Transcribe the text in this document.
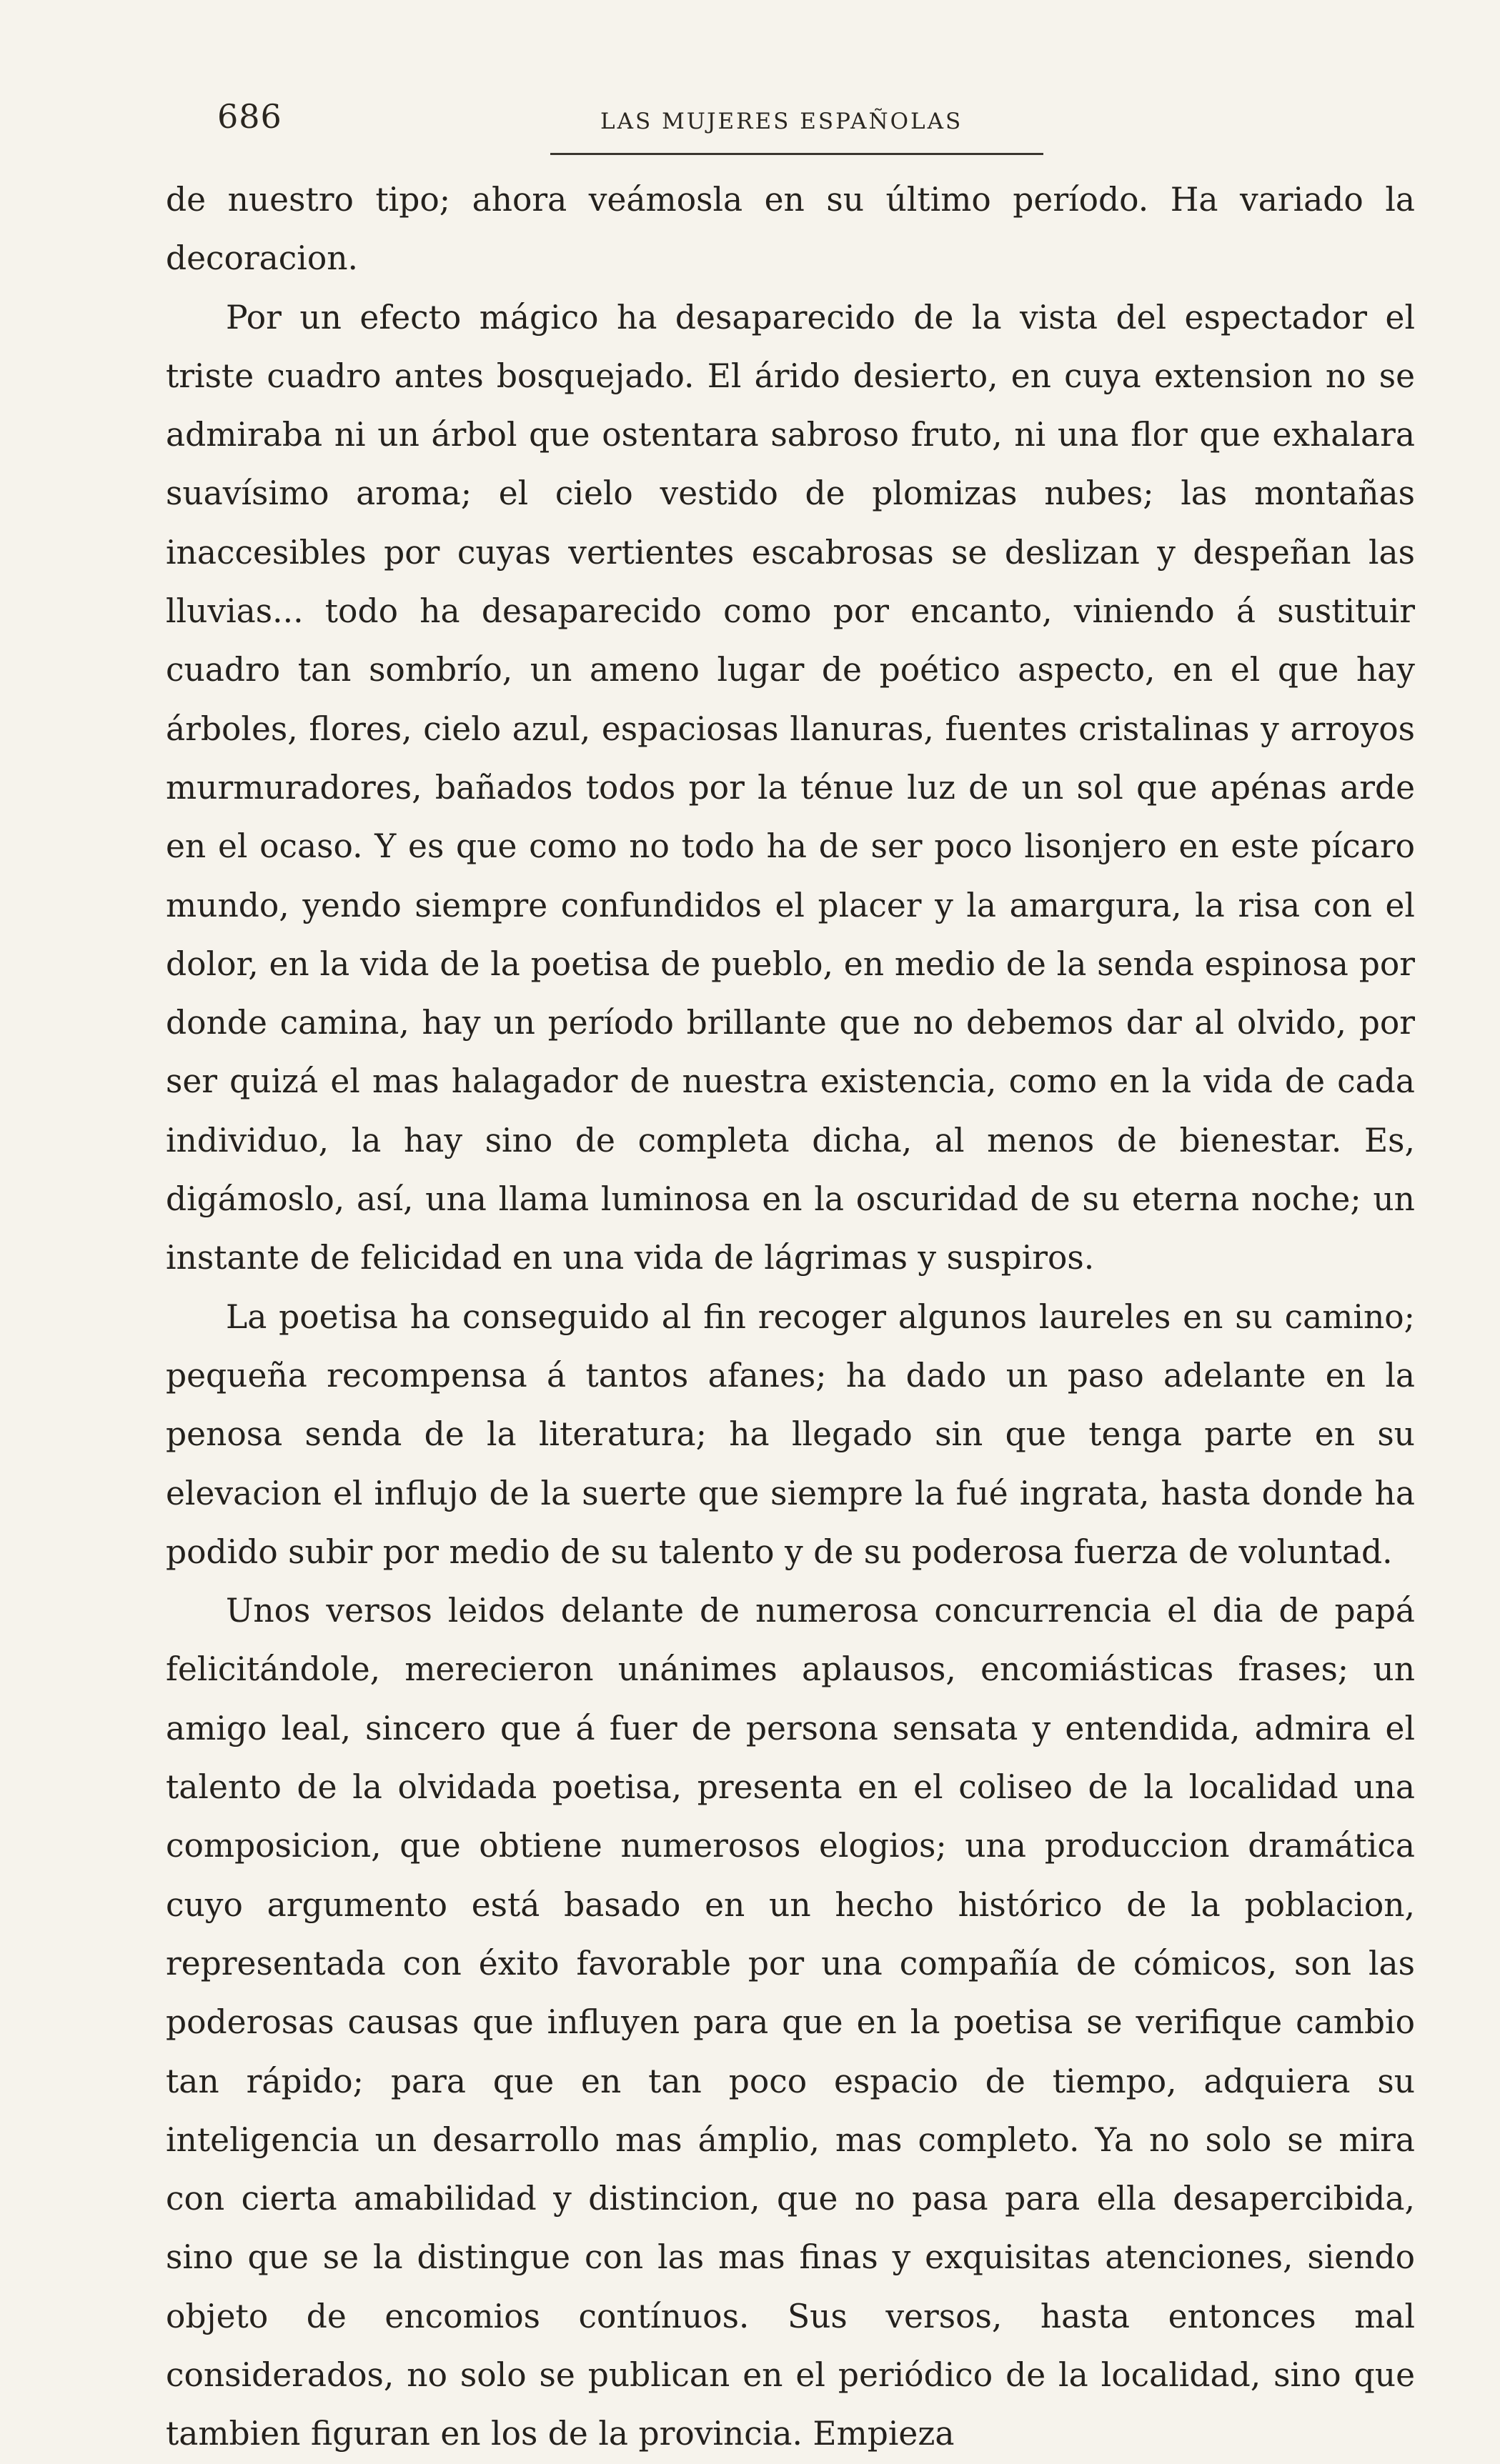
686	LAS MUJERES ESPAÑOLAS

de nuestro tipo; ahora veámosla en su último período. Ha variado la decoracion.

Por un efecto mágico ha desaparecido de la vista del espectador el triste cuadro antes bosquejado. El árido desierto, en cuya extension no se admiraba ni un árbol que ostentara sabroso fruto, ni una flor que exhalara suavísimo aroma; el cielo vestido de plomizas nubes; las montañas inaccesibles por cuyas vertientes escabrosas se deslizan y despeñan las lluvias... todo ha desaparecido como por encanto, viniendo á sustituir cuadro tan sombrío, un ameno lugar de poético aspecto, en el que hay árboles, flores, cielo azul, espaciosas llanuras, fuentes cristalinas y arroyos murmuradores, bañados todos por la ténue luz de un sol que apénas arde en el ocaso. Y es que como no todo ha de ser poco lisonjero en este pícaro mundo, yendo siempre confundidos el placer y la amargura, la risa con el dolor, en la vida de la poetisa de pueblo, en medio de la senda espinosa por donde camina, hay un período brillante que no debemos dar al olvido, por ser quizá el mas halagador de nuestra existencia, como en la vida de cada individuo, la hay sino de completa dicha, al menos de bienestar. Es, digámoslo, así, una llama luminosa en la oscuridad de su eterna noche; un instante de felicidad en una vida de lágrimas y suspiros.

La poetisa ha conseguido al fin recoger algunos laureles en su camino; pequeña recompensa á tantos afanes; ha dado un paso adelante en la penosa senda de la literatura; ha llegado sin que tenga parte en su elevacion el influjo de la suerte que siempre la fué ingrata, hasta donde ha podido subir por medio de su talento y de su poderosa fuerza de voluntad.

Unos versos leidos delante de numerosa concurrencia el dia de papá felicitándole, merecieron unánimes aplausos, encomiásticas frases; un amigo leal, sincero que á fuer de persona sensata y entendida, admira el talento de la olvidada poetisa, presenta en el coliseo de la localidad una composicion, que obtiene numerosos elogios; una produccion dramática cuyo argumento está basado en un hecho histórico de la poblacion, representada con éxito favorable por una compañía de cómicos, son las poderosas causas que influyen para que en la poetisa se verifique cambio tan rápido; para que en tan poco espacio de tiempo, adquiera su inteligencia un desarrollo mas ámplio, mas completo. Ya no solo se mira con cierta amabilidad y distincion, que no pasa para ella desapercibida, sino que se la distingue con las mas finas y exquisitas atenciones, siendo objeto de encomios contínuos. Sus versos, hasta entonces mal considerados, no solo se publican en el periódico de la localidad, sino que tambien figuran en los de la provincia. Empieza
